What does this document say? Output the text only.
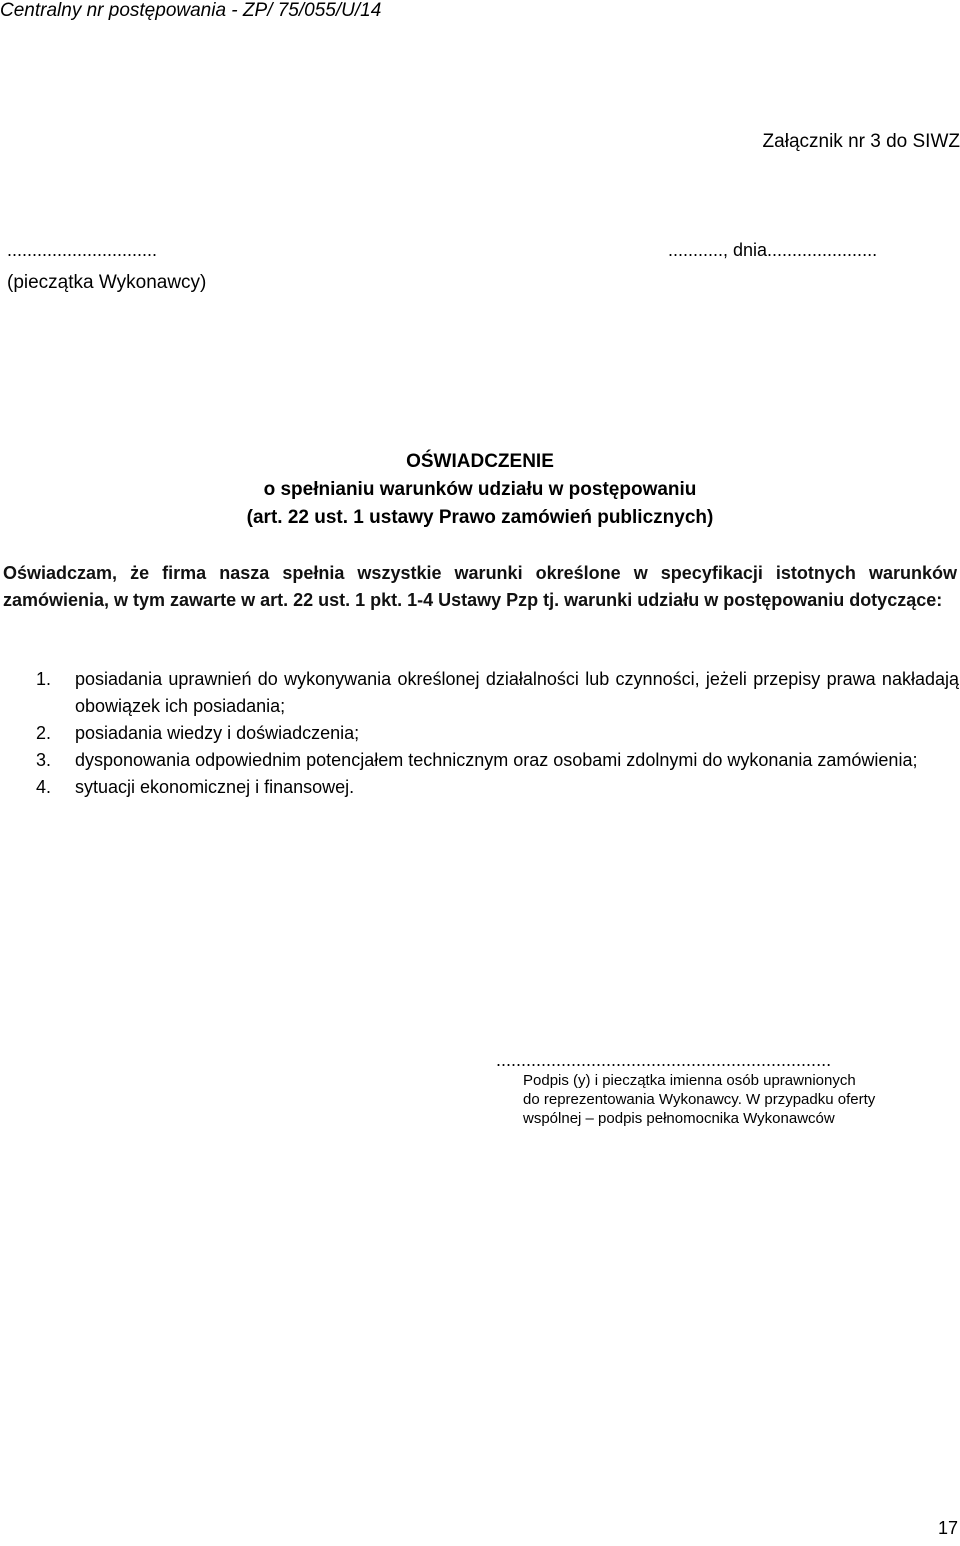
Centralny nr postępowania - ZP/ 75/055/U/14
Załącznik nr 3 do SIWZ
..............................
(pieczątka Wykonawcy)
..........., dnia......................
OŚWIADCZENIE
o spełnianiu warunków udziału w postępowaniu
(art. 22 ust. 1 ustawy Prawo zamówień publicznych)
Oświadczam, że firma nasza spełnia wszystkie warunki określone w specyfikacji istotnych warunków zamówienia, w tym zawarte w art. 22 ust. 1 pkt. 1-4 Ustawy Pzp tj. warunki udziału w postępowaniu dotyczące:
1. posiadania uprawnień do wykonywania określonej działalności lub czynności, jeżeli przepisy prawa nakładają obowiązek ich posiadania;
2. posiadania wiedzy i doświadczenia;
3. dysponowania odpowiednim potencjałem technicznym oraz osobami zdolnymi do wykonania zamówienia;
4. sytuacji ekonomicznej i finansowej.
...................................................................
Podpis (y) i pieczątka imienna osób uprawnionych
do reprezentowania Wykonawcy. W przypadku oferty
wspólnej – podpis pełnomocnika Wykonawców
17
